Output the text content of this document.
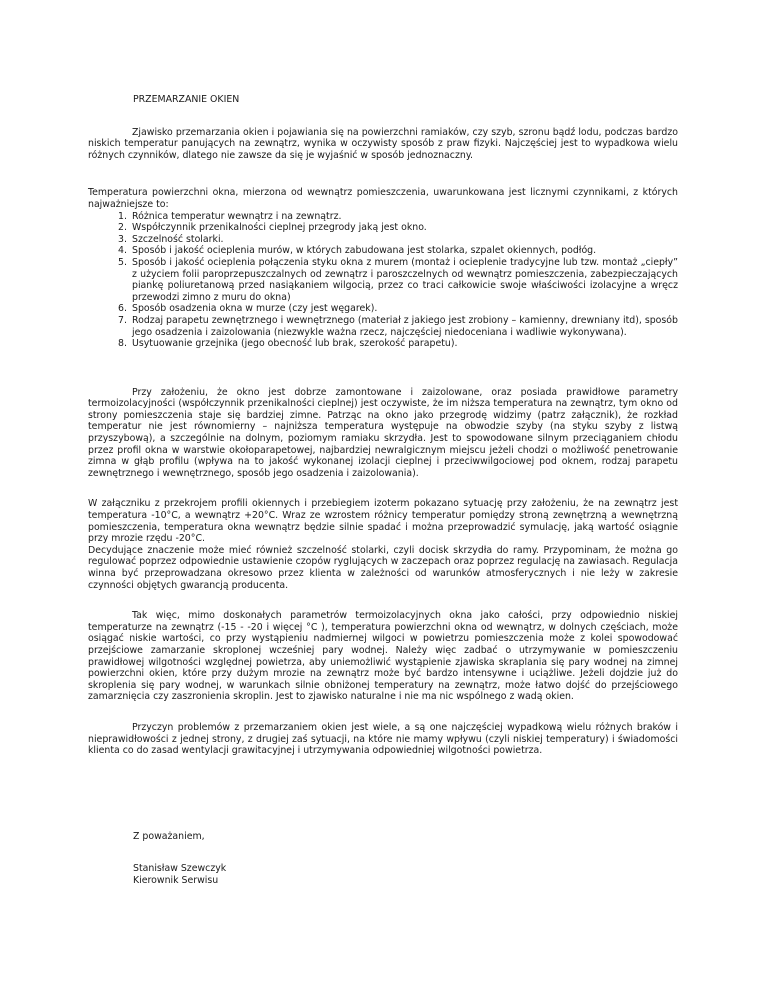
PRZEMARZANIE OKIEN

Zjawisko przemarzania okien i pojawiania się na powierzchni ramiaków, czy szyb, szronu bądź lodu, podczas bardzo niskich temperatur panujących na zewnątrz, wynika w oczywisty sposób z praw fizyki. Najczęściej jest to wypadkowa wielu różnych czynników, dlatego nie zawsze da się je wyjaśnić w sposób jednoznaczny.

Temperatura powierzchni okna, mierzona od wewnątrz pomieszczenia, uwarunkowana jest licznymi czynnikami, z których najważniejsze to:

1. Różnica temperatur wewnątrz i na zewnątrz.
2. Współczynnik przenikalności cieplnej przegrody jaką jest okno.
3. Szczelność stolarki.
4. Sposób i jakość ocieplenia murów, w których zabudowana jest stolarka, szpalet okiennych, podłóg.
5. Sposób i jakość ocieplenia połączenia styku okna z murem (montaż i ocieplenie tradycyjne lub tzw. montaż „ciepły” z użyciem folii paroprzepuszczalnych od zewnątrz i paroszczelnych od wewnątrz pomieszczenia, zabezpieczających piankę poliuretanową przed nasiąkaniem wilgocią, przez co traci całkowicie swoje właściwości izolacyjne a wręcz przewodzi zimno z muru do okna)
6. Sposób osadzenia okna w murze (czy jest węgarek).
7. Rodzaj parapetu zewnętrznego i wewnętrznego (materiał z jakiego jest zrobiony – kamienny, drewniany itd), sposób jego osadzenia i zaizolowania (niezwykle ważna rzecz, najczęściej niedoceniana i wadliwie wykonywana).
8. Usytuowanie grzejnika (jego obecność lub brak, szerokość parapetu).

Przy założeniu, że okno jest dobrze zamontowane i zaizolowane, oraz posiada prawidłowe parametry termoizolacyjności (współczynnik przenikalności cieplnej) jest oczywiste, że im niższa temperatura na zewnątrz, tym okno od strony pomieszczenia staje się bardziej zimne. Patrząc na okno jako przegrodę widzimy (patrz załącznik), że rozkład temperatur nie jest równomierny – najniższa temperatura występuje na obwodzie szyby (na styku szyby z listwą przyszybową), a szczególnie na dolnym, poziomym ramiaku skrzydła. Jest to spowodowane silnym przeciąganiem chłodu przez profil okna w warstwie okołoparapetowej, najbardziej newralgicznym miejscu jeżeli chodzi o możliwość penetrowanie zimna w głąb profilu (wpływa na to jakość wykonanej izolacji cieplnej i przeciwwilgociowej pod oknem, rodzaj parapetu zewnętrznego i wewnętrznego, sposób jego osadzenia i zaizolowania).

W załączniku z przekrojem profili okiennych i przebiegiem izoterm pokazano sytuację przy założeniu, że na zewnątrz jest temperatura -10°C, a wewnątrz +20°C. Wraz ze wzrostem różnicy temperatur pomiędzy stroną zewnętrzną a wewnętrzną pomieszczenia, temperatura okna wewnątrz będzie silnie spadać i można przeprowadzić symulację, jaką wartość osiągnie przy mrozie rzędu -20°C.

Decydujące znaczenie może mieć również szczelność stolarki, czyli docisk skrzydła do ramy. Przypominam, że można go regulować poprzez odpowiednie ustawienie czopów ryglujących w zaczepach oraz poprzez regulację na zawiasach. Regulacja winna być przeprowadzana okresowo przez klienta w zależności od warunków atmosferycznych i nie leży w zakresie czynności objętych gwarancją producenta.

Tak więc, mimo doskonałych parametrów termoizolacyjnych okna jako całości, przy odpowiednio niskiej temperaturze na zewnątrz (-15 - -20 i więcej °C ), temperatura powierzchni okna od wewnątrz, w dolnych częściach, może osiągać niskie wartości, co przy wystąpieniu nadmiernej wilgoci w powietrzu pomieszczenia może z kolei spowodować przejściowe zamarzanie skroplonej wcześniej pary wodnej. Należy więc zadbać o utrzymywanie w pomieszczeniu prawidłowej wilgotności względnej powietrza, aby uniemożliwić wystąpienie zjawiska skraplania się pary wodnej na zimnej powierzchni okien, które przy dużym mrozie na zewnątrz może być bardzo intensywne i uciążliwe. Jeżeli dojdzie już do skroplenia się pary wodnej, w warunkach silnie obniżonej temperatury na zewnątrz, może łatwo dojść do przejściowego zamarznięcia czy zaszronienia skroplin. Jest to zjawisko naturalne i nie ma nic wspólnego z wadą okien.

Przyczyn problemów z przemarzaniem okien jest wiele, a są one najczęściej wypadkową wielu różnych braków i nieprawidłowości z jednej strony, z drugiej zaś sytuacji, na które nie mamy wpływu (czyli niskiej temperatury) i świadomości klienta co do zasad wentylacji grawitacyjnej i utrzymywania odpowiedniej wilgotności powietrza.

Z poważaniem,
Stanisław Szewczyk
Kierownik Serwisu
